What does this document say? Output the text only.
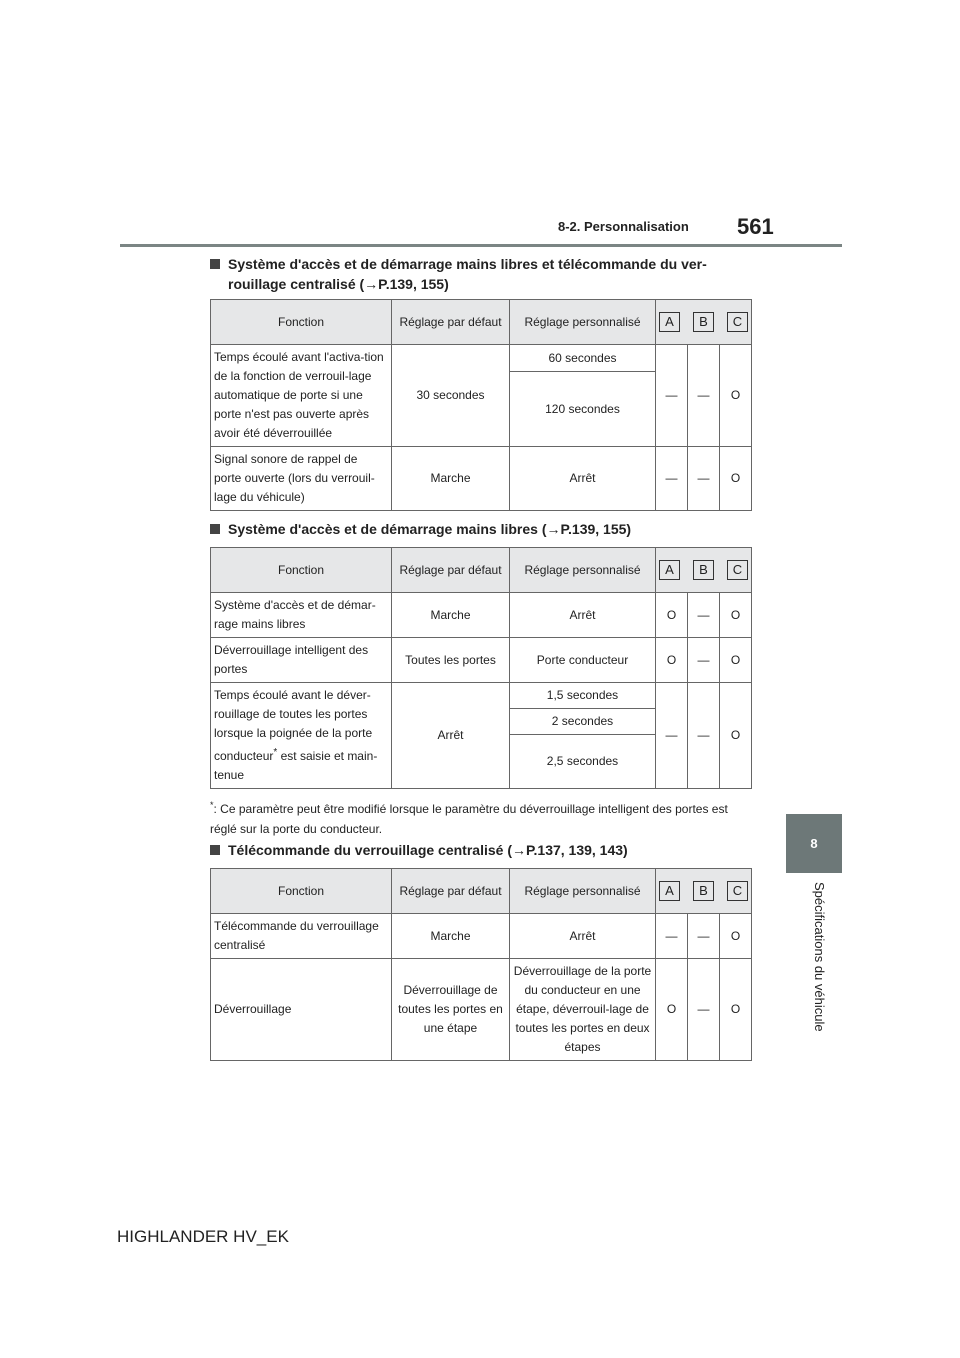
8-2. Personnalisation 561
8
Spécifications du véhicule
Système d'accès et de démarrage mains libres et télécommande du ver-
rouillage centralisé (→P.139, 155)
Fonction	Réglage par défaut	Réglage personnalisé	A B C		

Temps écoulé avant l'activa-tion de la fonction de verrouil-lage automatique de porte si une porte n'est pas ouverte après avoir été déverrouillée	30 secondes	60 secondes	—	—	O
		120 secondes			
Signal sonore de rappel de porte ouverte (lors du verrouil-lage du véhicule)	Marche	Arrêt	—	—	O
Système d'accès et de démarrage mains libres (→P.139, 155)
Fonction	Réglage par défaut	Réglage personnalisé	A B C		

Système d'accès et de démar-rage mains libres	Marche	Arrêt	O	—	O
Déverrouillage intelligent des portes	Toutes les portes	Porte conducteur	O	—	O
Temps écoulé avant le déver-rouillage de toutes les portes lorsque la poignée de la porte conducteur* est saisie et main-tenue	Arrêt	1,5 secondes	—	—	O
		2 secondes			
		2,5 secondes			
*: Ce paramètre peut être modifié lorsque le paramètre du déverrouillage intelligent des portes est réglé sur la porte du conducteur.
Télécommande du verrouillage centralisé (→P.137, 139, 143)
Fonction	Réglage par défaut	Réglage personnalisé	A B C		

Télécommande du verrouillage centralisé	Marche	Arrêt	—	—	O
Déverrouillage	Déverrouillage de toutes les portes en une étape	Déverrouillage de la porte du conducteur en une étape, déverrouil-lage de toutes les portes en deux étapes	O	—	O
HIGHLANDER HV_EK
